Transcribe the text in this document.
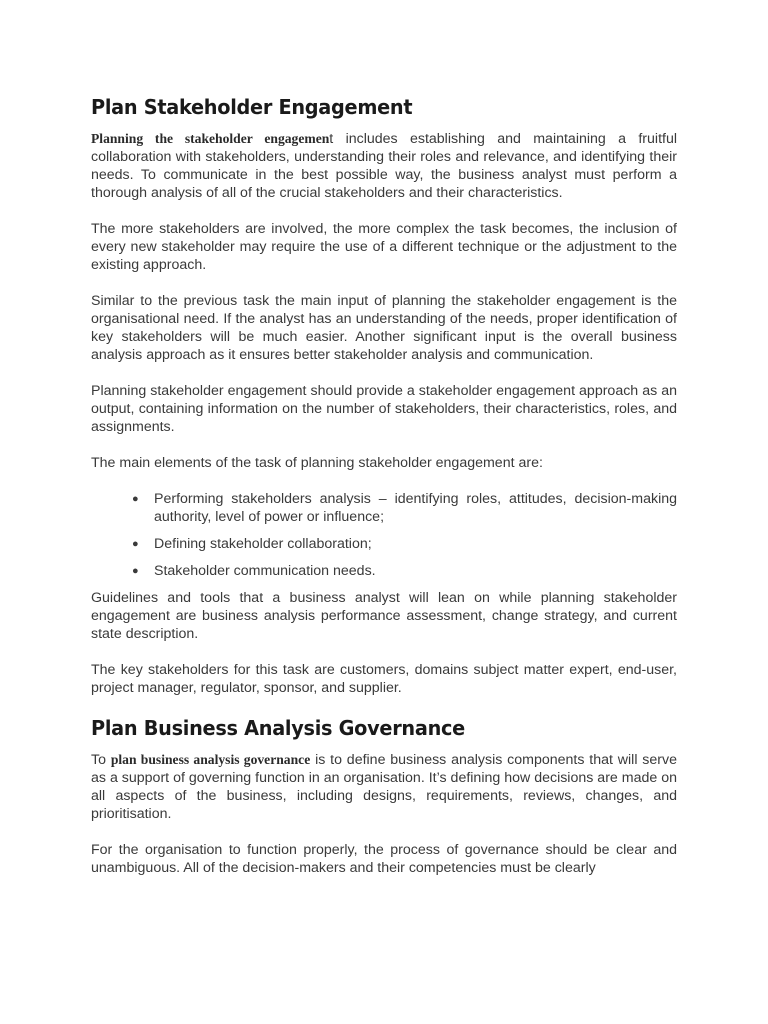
Plan Stakeholder Engagement

Planning the stakeholder engagement includes establishing and maintaining a fruitful collaboration with stakeholders, understanding their roles and relevance, and identifying their needs. To communicate in the best possible way, the business analyst must perform a thorough analysis of all of the crucial stakeholders and their characteristics.

The more stakeholders are involved, the more complex the task becomes, the inclusion of every new stakeholder may require the use of a different technique or the adjustment to the existing approach.

Similar to the previous task the main input of planning the stakeholder engagement is the organisational need. If the analyst has an understanding of the needs, proper identification of key stakeholders will be much easier. Another significant input is the overall business analysis approach as it ensures better stakeholder analysis and communication.

Planning stakeholder engagement should provide a stakeholder engagement approach as an output, containing information on the number of stakeholders, their characteristics, roles, and assignments.

The main elements of the task of planning stakeholder engagement are:

● Performing stakeholders analysis – identifying roles, attitudes, decision-making authority, level of power or influence;
● Defining stakeholder collaboration;
● Stakeholder communication needs.

Guidelines and tools that a business analyst will lean on while planning stakeholder engagement are business analysis performance assessment, change strategy, and current state description.

The key stakeholders for this task are customers, domains subject matter expert, end-user, project manager, regulator, sponsor, and supplier.

Plan Business Analysis Governance

To plan business analysis governance is to define business analysis components that will serve as a support of governing function in an organisation. It’s defining how decisions are made on all aspects of the business, including designs, requirements, reviews, changes, and prioritisation.

For the organisation to function properly, the process of governance should be clear and unambiguous. All of the decision-makers and their competencies must be clearly
